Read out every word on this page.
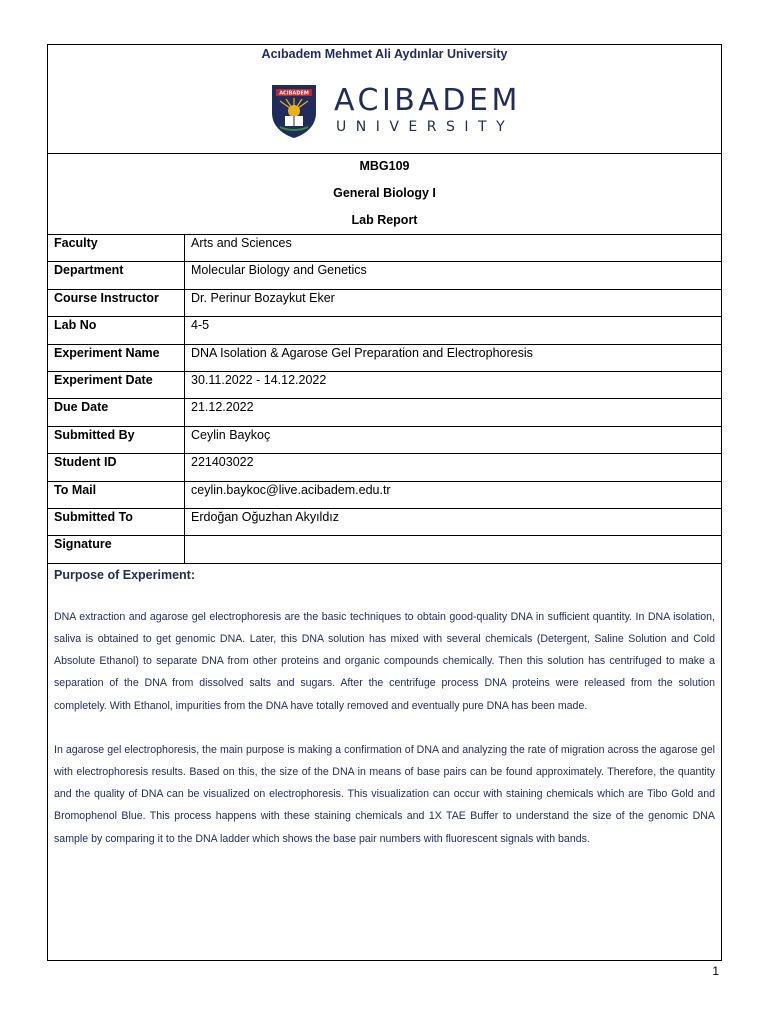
Acıbadem Mehmet Ali Aydınlar University
ACIBADEM ACIBADEM
UNIVERSITY
MBG109
General Biology I
Lab Report
Faculty	Arts and Sciences
Department	Molecular Biology and Genetics
Course Instructor	Dr. Perinur Bozaykut Eker
Lab No	4-5
Experiment Name	DNA Isolation & Agarose Gel Preparation and Electrophoresis
Experiment Date	30.11.2022 - 14.12.2022
Due Date	21.12.2022
Submitted By	Ceylin Baykoç
Student ID	221403022
To Mail	ceylin.baykoc@live.acibadem.edu.tr
Submitted To	Erdoğan Oğuzhan Akyıldız
Signature	
Purpose of Experiment:

DNA extraction and agarose gel electrophoresis are the basic techniques to obtain good-quality DNA in sufficient quantity. In DNA isolation, saliva is obtained to get genomic DNA. Later, this DNA solution has mixed with several chemicals (Detergent, Saline Solution and Cold Absolute Ethanol) to separate DNA from other proteins and organic compounds chemically. Then this solution has centrifuged to make a separation of the DNA from dissolved salts and sugars. After the centrifuge process DNA proteins were released from the solution completely. With Ethanol, impurities from the DNA have totally removed and eventually pure DNA has been made.

In agarose gel electrophoresis, the main purpose is making a confirmation of DNA and analyzing the rate of migration across the agarose gel with electrophoresis results. Based on this, the size of the DNA in means of base pairs can be found approximately. Therefore, the quantity and the quality of DNA can be visualized on electrophoresis. This visualization can occur with staining chemicals which are Tibo Gold and Bromophenol Blue. This process happens with these staining chemicals and 1X TAE Buffer to understand the size of the genomic DNA sample by comparing it to the DNA ladder which shows the base pair numbers with fluorescent signals with bands.

1
